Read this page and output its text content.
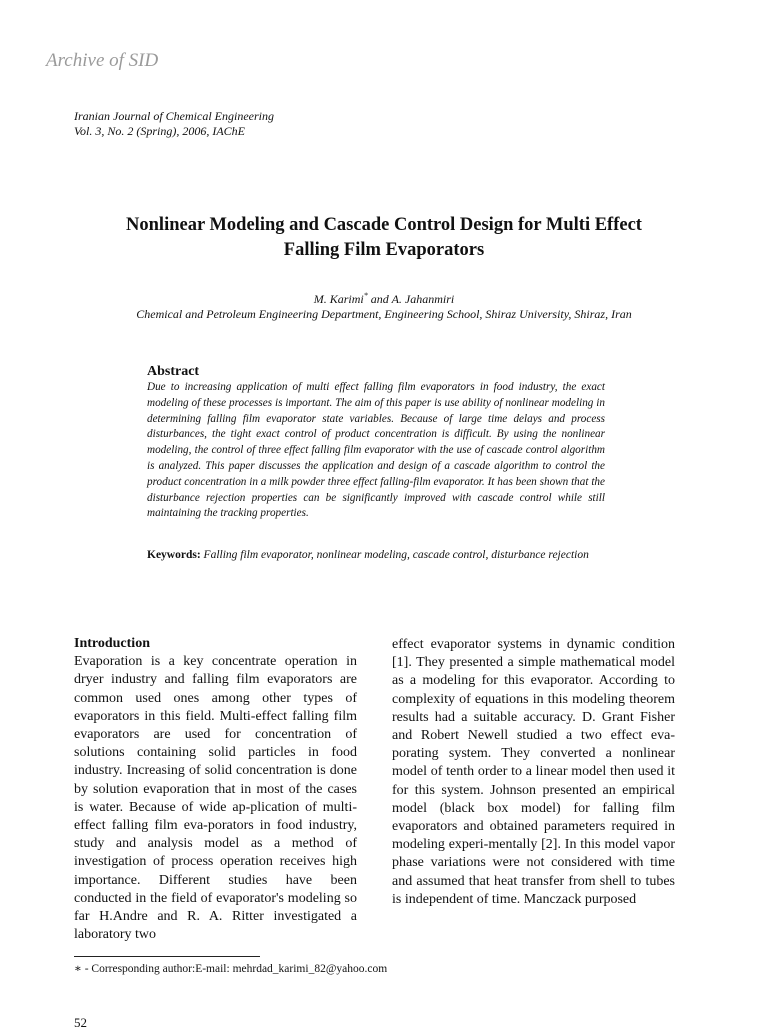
Archive of SID
Iranian Journal of Chemical Engineering
Vol. 3, No. 2 (Spring), 2006, IAChE
Nonlinear Modeling and Cascade Control Design for Multi Effect
Falling Film Evaporators
M. Karimi* and A. Jahanmiri
Chemical and Petroleum Engineering Department, Engineering School, Shiraz University, Shiraz, Iran
Abstract
Due to increasing application of multi effect falling film evaporators in food industry, the exact modeling of these processes is important. The aim of this paper is use ability of nonlinear modeling in determining falling film evaporator state variables. Because of large time delays and process disturbances, the tight exact control of product concentration is difficult. By using the nonlinear modeling, the control of three effect falling film evaporator with the use of cascade control algorithm is analyzed. This paper discusses the application and design of a cascade algorithm to control the product concentration in a milk powder three effect falling-film evaporator. It has been shown that the disturbance rejection properties can be significantly improved with cascade control while still maintaining the tracking properties.
Keywords: Falling film evaporator, nonlinear modeling, cascade control, disturbance rejection
Introduction
Evaporation is a key concentrate operation in dryer industry and falling film evaporators are common used ones among other types of evaporators in this field. Multi-effect falling film evaporators are used for concentration of solutions containing solid particles in food industry. Increasing of solid concentration is done by solution evaporation that in most of the cases is water. Because of wide ap-plication of multi-effect falling film eva-porators in food industry, study and analysis model as a method of investigation of process operation receives high importance. Different studies have been conducted in the field of evaporator's modeling so far H.Andre and R. A. Ritter investigated a laboratory two
effect evaporator systems in dynamic condition [1]. They presented a simple mathematical model as a modeling for this evaporator. According to complexity of equations in this modeling theorem results had a suitable accuracy. D. Grant Fisher and Robert Newell studied a two effect eva-porating system. They converted a nonlinear model of tenth order to a linear model then used it for this system. Johnson presented an empirical model (black box model) for falling film evaporators and obtained parameters required in modeling experi-mentally [2]. In this model vapor phase variations were not considered with time and assumed that heat transfer from shell to tubes is independent of time. Manczack purposed
∗ - Corresponding author:E-mail: mehrdad_karimi_82@yahoo.com
52
